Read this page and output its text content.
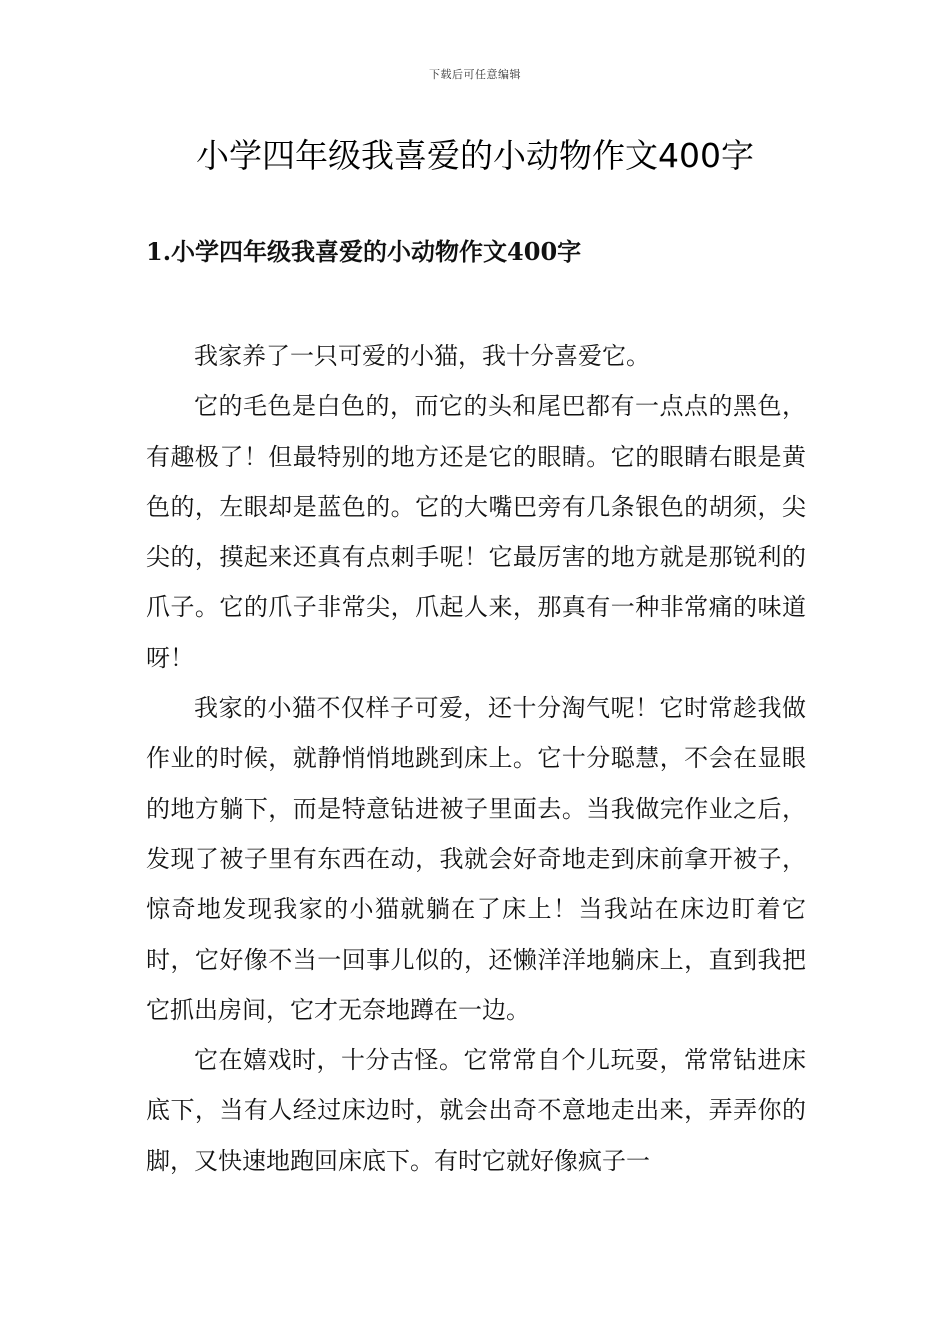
下载后可任意编辑
小学四年级我喜爱的小动物作文400字
1.小学四年级我喜爱的小动物作文400字

我家养了一只可爱的小猫，我十分喜爱它。

它的毛色是白色的，而它的头和尾巴都有一点点的黑色，有趣极了！但最特别的地方还是它的眼睛。它的眼睛右眼是黄色的，左眼却是蓝色的。它的大嘴巴旁有几条银色的胡须，尖尖的，摸起来还真有点刺手呢！它最厉害的地方就是那锐利的爪子。它的爪子非常尖，爪起人来，那真有一种非常痛的味道呀！

我家的小猫不仅样子可爱，还十分淘气呢！它时常趁我做作业的时候，就静悄悄地跳到床上。它十分聪慧，不会在显眼的地方躺下，而是特意钻进被子里面去。当我做完作业之后，发现了被子里有东西在动，我就会好奇地走到床前拿开被子，惊奇地发现我家的小猫就躺在了床上！当我站在床边盯着它时，它好像不当一回事儿似的，还懒洋洋地躺床上，直到我把它抓出房间，它才无奈地蹲在一边。

它在嬉戏时，十分古怪。它常常自个儿玩耍，常常钻进床底下，当有人经过床边时，就会出奇不意地走出来，弄弄你的脚，又快速地跑回床底下。有时它就好像疯子一
